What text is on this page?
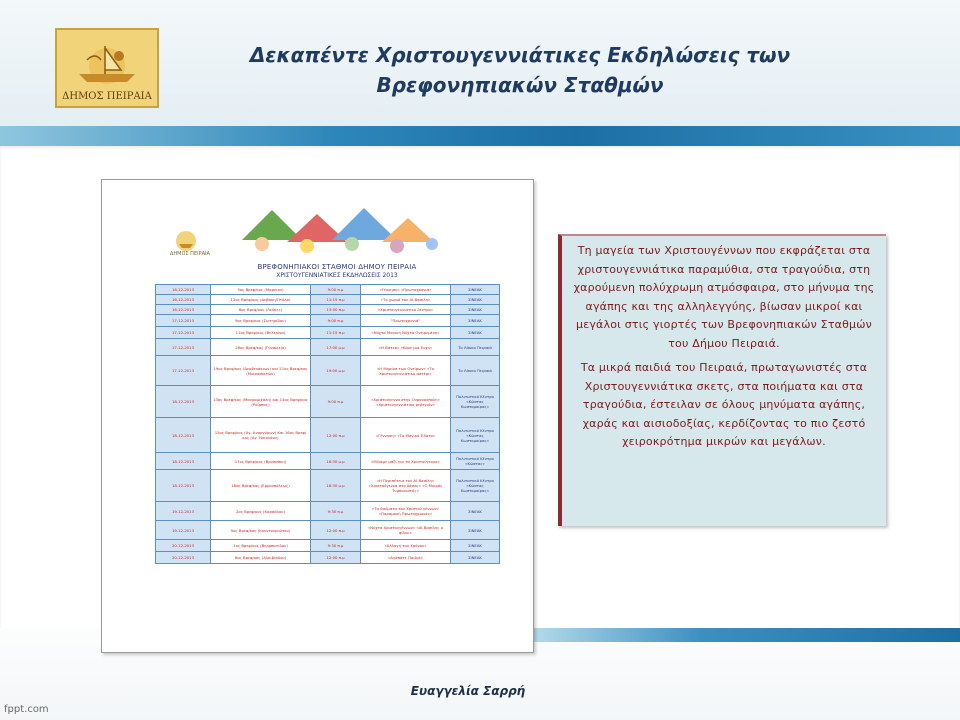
ΔΗΜΟΣ ΠΕΙΡΑΙΑ
Δεκαπέντε Χριστουγεννιάτικες Εκδηλώσεις των
Βρεφονηπιακών Σταθμών
ΔΗΜΟΣ ΠΕΙΡΑΙΑ
ΒΡΕΦΟΝΗΠΙΑΚΟΙ ΣΤΑΘΜΟΙ ΔΗΜΟΥ ΠΕΙΡΑΙΑ
ΧΡΙΣΤΟΥΓΕΝΝΙΑΤΙΚΕΣ ΕΚΔΗΛΩΣΕΙΣ 2013
16-12-2013	3ος Βρεφ/κος (Μαρκίου)	9:00 π.μ	«Γέννηση» «Πρωτοχρονιά»	ΣΙΝΕΑΚ
16-12-2013	12ος Βρεφ/κος (Δεβάκη/Πτόλο)	11:15 π.μ	«Το χωριό του Αϊ Βασίλη»	ΣΙΝΕΑΚ
16-12-2013	8ος Βρεφ/κος (Λεύκες)	13:00 π.μ	«Χριστουγεννιάτικο δέντρο»	ΣΙΝΕΑΚ
17-12-2013	9ος Βρεφ/κος (Σωτηρίδου)	9:00 π.μ	"Πρωτοχρονιά"	ΣΙΝΕΑΚ
17-12-2013	11ος Βρεφ/κος (Βελερίνα)	11:15 π.μ	«Νύχτα Μαγική Νύχτα Ονειρεμένη»	ΣΙΝΕΑΚ
17-12-2013	28ος Βρεφ/κος (Γυναικείο)	17:00 μ.μ	«Η Βάτερ» «Κάνε μια Ευχή»	Το Λάκκο Πειραιά
17-12-2013	19ος Βρεφ/κος (Δερβενάκιων) και 21ος Βρεφ/κος (Μικρασιατών)	19:00 μ.μ	«Η Μηρίνα των Ονείρων» «Το Χριστουγεννιάτικο αστέρι»	Το Λάκκο Πειραιά
18-12-2013	13ος Βρεφ/κος (Μαυρομιχάλη) και 14ος Βρεφ/κος (Ροΐμπας)	9:00 π.μ	«Χριστούγεννα στην Ουρανούπολη» «Χριστουγεννιάτικο ρεβεγιόν»	Πολιτιστικό Κέντρο «Κώστας Κωστομοίρας»
18-12-2013	15ος Βρεφ/κος (Αγ. Αναργύρων) Και 16ος Βρεφ/κος (Αγ. Νικολάου)	12:00 π.μ	«Γέννηση» «Το Μαγικό Έλατο»	Πολιτιστικό Κέντρο «Κώστας Κωστομοίρας»
18-12-2013	17ος Βρεφ/κος (Βρυσσάκη)	16:30 μ.μ	«Μιλάμε μαζί για τα Χριστούγεννα»	Πολιτιστικό Κέντρο «Κώστας»
18-12-2013	18ος Βρεφ/κος (Ερμουπόλεως)	18:30 μ.μ	«Η Περιπέτεια του Αϊ Βασίλη» «Χριστούγεννα στο δάσος» «Ο Μικρός Τυμπανιστής»	Πολιτιστικό Κέντρο «Κώστας Κωστομοίρας»
19-12-2013	2ος Βρεφ/κος (Καραόλου)	9:30 π.μ	«Τα θαύματα του Χριστού γέννων» «Παραμονή Πρωτοχρονιάς»	ΣΙΝΕΑΚ
19-12-2013	5ος Βρεφ/κος (Κουντουριώτου)	12:00 π.μ	«Νύχτα Χριστουγέννων» «Αϊ Βασίλης ο φίλος»	ΣΙΝΕΑΚ
20-12-2013	1ος Βρεφ/κος (Βερμπατίδου)	9:30 π.μ	«Αλλαγή του Χρόνου»	ΣΙΝΕΑΚ
20-12-2013	6ος Βρεφ/κος (Αλκιβιάδου)	12:00 π.μ	«Αγάπατε Παιδιά»	ΣΙΝΕΑΚ

Τη μαγεία των Χριστουγέννων που εκφράζεται στα χριστουγεννιάτικα παραμύθια, στα τραγούδια, στη χαρούμενη πολύχρωμη ατμόσφαιρα, στο μήνυμα της αγάπης και της αλληλεγγύης, βίωσαν μικροί και μεγάλοι στις γιορτές των Βρεφονηπιακών Σταθμών του Δήμου Πειραιά.

Τα μικρά παιδιά του Πειραιά, πρωταγωνιστές στα Χριστουγεννιάτικα σκετς, στα ποιήματα και στα τραγούδια, έστειλαν σε όλους μηνύματα αγάπης, χαράς και αισιοδοξίας, κερδίζοντας το πιο ζεστό χειροκρότημα μικρών και μεγάλων.

Ευαγγελία Σαρρή
fppt.com
